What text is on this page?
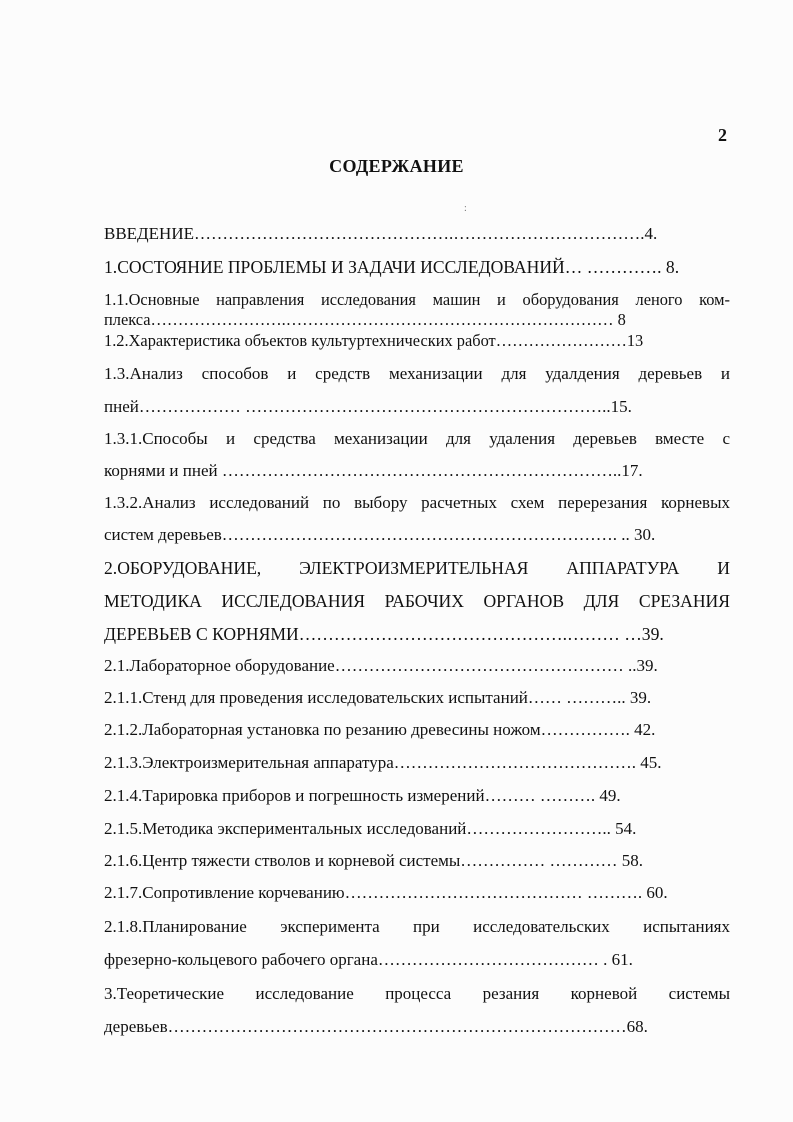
2
СОДЕРЖАНИЕ
:
ВВЕДЕНИЕ……………………………………….…………………………….4.
1.СОСТОЯНИЕ ПРОБЛЕМЫ И ЗАДАЧИ ИССЛЕДОВАНИЙ… …………. 8.
1.1.Основные направления исследования машин и оборудования леного ком-
плекса…………………….…………………………………………………… 8
1.2.Характеристика объектов культуртехнических работ……………………13
1.3.Анализ способов и средств механизации для удалдения деревьев и
пней……………… ………………………………………………………..15.
1.3.1.Способы и средства механизации для удаления деревьев вместе с
корнями и пней ……………………………………………………………..17.
1.3.2.Анализ исследований по выбору расчетных схем перерезания корневых
систем деревьев……………………………………………………………. .. 30.
2.ОБОРУДОВАНИЕ, ЭЛЕКТРОИЗМЕРИТЕЛЬНАЯ АППАРАТУРА И
МЕТОДИКА ИССЛЕДОВАНИЯ РАБОЧИХ ОРГАНОВ ДЛЯ СРЕЗАНИЯ
ДЕРЕВЬЕВ С КОРНЯМИ……………………………………….……… …39.
2.1.Лабораторное оборудование…………………………………………… ..39.
2.1.1.Стенд для проведения исследовательских испытаний…… ……….. 39.
2.1.2.Лабораторная установка по резанию древесины ножом……………. 42.
2.1.3.Электроизмерительная аппаратура……………………………………. 45.
2.1.4.Тарировка приборов и погрешность измерений……… ………. 49.
2.1.5.Методика экспериментальных исследований…………………….. 54.
2.1.6.Центр тяжести стволов и корневой системы…………… ………… 58.
2.1.7.Сопротивление корчеванию…………………………………… ………. 60.
2.1.8.Планирование эксперимента при исследовательских испытаниях
фрезерно-кольцевого рабочего органа………………………………… . 61.
3.Теоретические исследование процесса резания корневой системы
деревьев………………………………………………………………………68.
